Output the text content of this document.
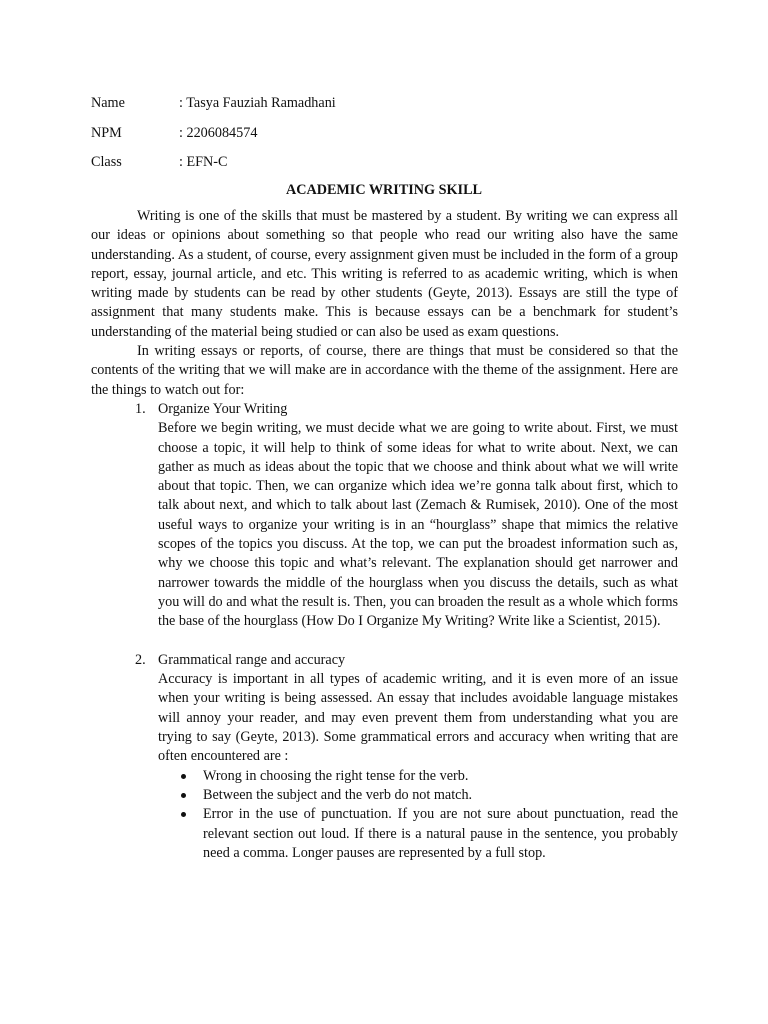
Name	: Tasya Fauziah Ramadhani
NPM	: 2206084574
Class	: EFN-C
ACADEMIC WRITING SKILL

Writing is one of the skills that must be mastered by a student. By writing we can express all our ideas or opinions about something so that people who read our writing also have the same understanding. As a student, of course, every assignment given must be included in the form of a group report, essay, journal article, and etc. This writing is referred to as academic writing, which is when writing made by students can be read by other students (Geyte, 2013). Essays are still the type of assignment that many students make. This is because essays can be a benchmark for student’s understanding of the material being studied or can also be used as exam questions.

In writing essays or reports, of course, there are things that must be considered so that the contents of the writing that we will make are in accordance with the theme of the assignment. Here are the things to watch out for:

1. Organize Your Writing
Before we begin writing, we must decide what we are going to write about. First, we must choose a topic, it will help to think of some ideas for what to write about. Next, we can gather as much as ideas about the topic that we choose and think about what we will write about that topic. Then, we can organize which idea we’re gonna talk about first, which to talk about next, and which to talk about last (Zemach & Rumisek, 2010). One of the most useful ways to organize your writing is in an “hourglass” shape that mimics the relative scopes of the topics you discuss. At the top, we can put the broadest information such as, why we choose this topic and what’s relevant. The explanation should get narrower and narrower towards the middle of the hourglass when you discuss the details, such as what you will do and what the result is. Then, you can broaden the result as a whole which forms the base of the hourglass (How Do I Organize My Writing? Write like a Scientist, 2015).
2. Grammatical range and accuracy
Accuracy is important in all types of academic writing, and it is even more of an issue when your writing is being assessed. An essay that includes avoidable language mistakes will annoy your reader, and may even prevent them from understanding what you are trying to say (Geyte, 2013). Some grammatical errors and accuracy when writing that are often encountered are :
Wrong in choosing the right tense for the verb.
Between the subject and the verb do not match.
Error in the use of punctuation. If you are not sure about punctuation, read the relevant section out loud. If there is a natural pause in the sentence, you probably need a comma. Longer pauses are represented by a full stop.
